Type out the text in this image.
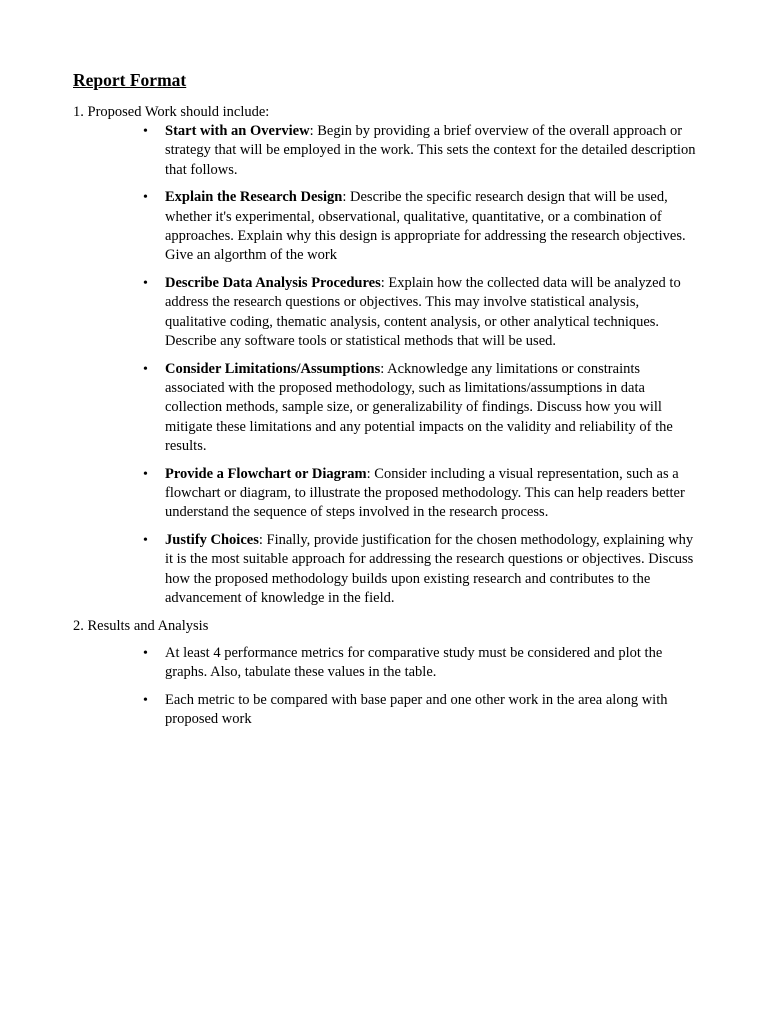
Report Format

1. Proposed Work should include:

• Start with an Overview: Begin by providing a brief overview of the overall approach or strategy that will be employed in the work. This sets the context for the detailed description that follows.
• Explain the Research Design: Describe the specific research design that will be used, whether it's experimental, observational, qualitative, quantitative, or a combination of approaches. Explain why this design is appropriate for addressing the research objectives. Give an algorthm of the work
• Describe Data Analysis Procedures: Explain how the collected data will be analyzed to address the research questions or objectives. This may involve statistical analysis, qualitative coding, thematic analysis, content analysis, or other analytical techniques. Describe any software tools or statistical methods that will be used.
• Consider Limitations/Assumptions: Acknowledge any limitations or constraints associated with the proposed methodology, such as limitations/assumptions in data collection methods, sample size, or generalizability of findings. Discuss how you will mitigate these limitations and any potential impacts on the validity and reliability of the results.
• Provide a Flowchart or Diagram: Consider including a visual representation, such as a flowchart or diagram, to illustrate the proposed methodology. This can help readers better understand the sequence of steps involved in the research process.
• Justify Choices: Finally, provide justification for the chosen methodology, explaining why it is the most suitable approach for addressing the research questions or objectives. Discuss how the proposed methodology builds upon existing research and contributes to the advancement of knowledge in the field.

2. Results and Analysis

• At least 4 performance metrics for comparative study must be considered and plot the graphs. Also, tabulate these values in the table.
• Each metric to be compared with base paper and one other work in the area along with proposed work
